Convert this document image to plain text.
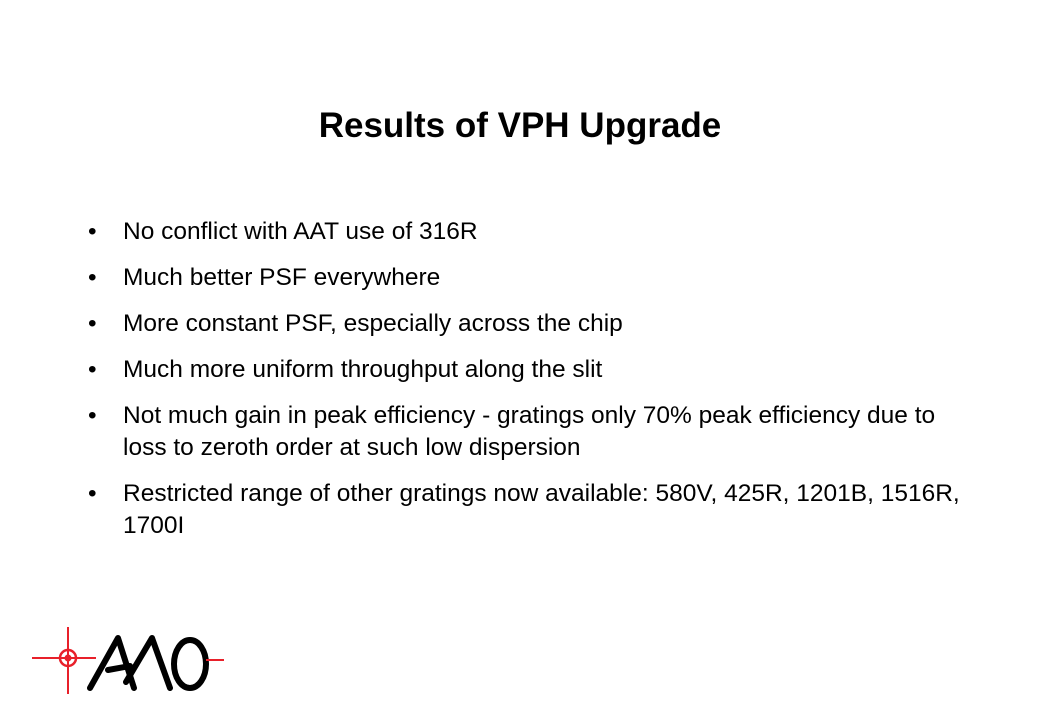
Results of VPH Upgrade
• No conflict with AAT use of 316R
• Much better PSF everywhere
• More constant PSF, especially across the chip
• Much more uniform throughput along the slit
• Not much gain in peak efficiency - gratings only 70% peak efficiency due to loss to zeroth order at such low dispersion
• Restricted range of other gratings now available: 580V, 425R, 1201B, 1516R, 1700I
